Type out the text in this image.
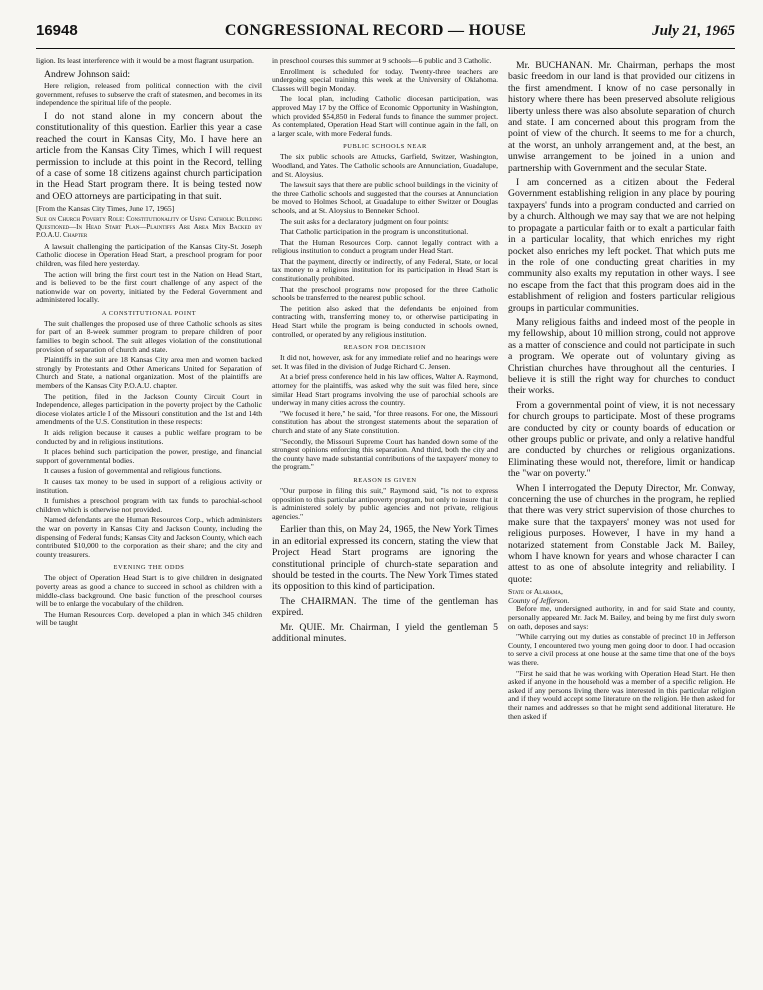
16948	CONGRESSIONAL RECORD — HOUSE	July 21, 1965

ligion. Its least interference with it would be a most flagrant usurpation.

Andrew Johnson said:

Here religion, released from political connection with the civil government, refuses to subserve the craft of statesmen, and becomes in its independence the spiritual life of the people.

I do not stand alone in my concern about the constitutionality of this question. Earlier this year a case reached the court in Kansas City, Mo. I have here an article from the Kansas City Times, which I will request permission to include at this point in the Record, telling of a case of some 18 citizens against church participation in the Head Start program there. It is being tested now and OEO attorneys are participating in that suit.

[From the Kansas City Times, June 17, 1965]

Sue on Church Poverty Role: Constitutionality of Using Catholic Building Questioned—In Head Start Plan—Plaintiffs Are Area Men Backed by P.O.A.U. Chapter

A lawsuit challenging the participation of the Kansas City-St. Joseph Catholic diocese in Operation Head Start, a preschool program for poor children, was filed here yesterday.

The action will bring the first court test in the Nation on Head Start, and is believed to be the first court challenge of any aspect of the nationwide war on poverty, initiated by the Federal Government and administered locally.

A CONSTITUTIONAL POINT

The suit challenges the proposed use of three Catholic schools as sites for part of an 8-week summer program to prepare children of poor families to begin school. The suit alleges violation of the constitutional provision of separation of church and state.

Plaintiffs in the suit are 18 Kansas City area men and women backed strongly by Protestants and Other Americans United for Separation of Church and State, a national organization. Most of the plaintiffs are members of the Kansas City P.O.A.U. chapter.

The petition, filed in the Jackson County Circuit Court in Independence, alleges participation in the poverty project by the Catholic diocese violates article I of the Missouri constitution and the 1st and 14th amendments of the U.S. Constitution in these respects:

It aids religion because it causes a public welfare program to be conducted by and in religious institutions.

It places behind such participation the power, prestige, and financial support of governmental bodies.

It causes a fusion of governmental and religious functions.

It causes tax money to be used in support of a religious activity or institution.

It furnishes a preschool program with tax funds to parochial-school children which is otherwise not provided.

Named defendants are the Human Resources Corp., which administers the war on poverty in Kansas City and Jackson County, including the dispensing of Federal funds; Kansas City and Jackson County, which each contributed $10,000 to the corporation as their share; and the city and county treasurers.

EVENING THE ODDS

The object of Operation Head Start is to give children in designated poverty areas as good a chance to succeed in school as children with a middle-class background. One basic function of the preschool courses will be to enlarge the vocabulary of the children.

The Human Resources Corp. developed a plan in which 345 children will be taught

in preschool courses this summer at 9 schools—6 public and 3 Catholic.

Enrollment is scheduled for today. Twenty-three teachers are undergoing special training this week at the University of Oklahoma. Classes will begin Monday.

The local plan, including Catholic diocesan participation, was approved May 17 by the Office of Economic Opportunity in Washington, which provided $54,850 in Federal funds to finance the summer project. As contemplated, Operation Head Start will continue again in the fall, on a larger scale, with more Federal funds.

PUBLIC SCHOOLS NEAR

The six public schools are Attucks, Garfield, Switzer, Washington, Woodland, and Yates. The Catholic schools are Annunciation, Guadalupe, and St. Aloysius.

The lawsuit says that there are public school buildings in the vicinity of the three Catholic schools and suggested that the courses at Annunciation be moved to Holmes School, at Guadalupe to either Switzer or Douglas schools, and at St. Aloysius to Benneker School.

The suit asks for a declaratory judgment on four points:

That Catholic participation in the program is unconstitutional.

That the Human Resources Corp. cannot legally contract with a religious institution to conduct a program under Head Start.

That the payment, directly or indirectly, of any Federal, State, or local tax money to a religious institution for its participation in Head Start is constitutionally prohibited.

That the preschool programs now proposed for the three Catholic schools be transferred to the nearest public school.

The petition also asked that the defendants be enjoined from contracting with, transferring money to, or otherwise participating in Head Start while the program is being conducted in schools owned, controlled, or operated by any religious institution.

REASON FOR DECISION

It did not, however, ask for any immediate relief and no hearings were set. It was filed in the division of Judge Richard C. Jensen.

At a brief press conference held in his law offices, Walter A. Raymond, attorney for the plaintiffs, was asked why the suit was filed here, since similar Head Start programs involving the use of parochial schools are underway in many cities across the country.

"We focused it here," he said, "for three reasons. For one, the Missouri constitution has about the strongest statements about the separation of church and state of any State constitution.

"Secondly, the Missouri Supreme Court has handed down some of the strongest opinions enforcing this separation. And third, both the city and the county have made substantial contributions of the taxpayers' money to the program."

REASON IS GIVEN

"Our purpose in filing this suit," Raymond said, "is not to express opposition to this particular antipoverty program, but only to insure that it is administered solely by public agencies and not private, religious agencies."

Earlier than this, on May 24, 1965, the New York Times in an editorial expressed its concern, stating the view that Project Head Start programs are ignoring the constitutional principle of church-state separation and should be tested in the courts. The New York Times stated its opposition to this kind of participation.

The CHAIRMAN. The time of the gentleman has expired.

Mr. QUIE. Mr. Chairman, I yield the gentleman 5 additional minutes.

Mr. BUCHANAN. Mr. Chairman, perhaps the most basic freedom in our land is that provided our citizens in the first amendment. I know of no case personally in history where there has been preserved absolute religious liberty unless there was also absolute separation of church and state. I am concerned about this program from the point of view of the church. It seems to me for a church, at the worst, an unholy arrangement and, at the best, an unwise arrangement to be joined in a union and partnership with Government and the secular State.

I am concerned as a citizen about the Federal Government establishing religion in any place by pouring taxpayers' funds into a program conducted and carried on by a church. Although we may say that we are not helping to propagate a particular faith or to exalt a particular faith in a particular locality, that which enriches my right pocket also enriches my left pocket. That which puts me in the role of one conducting great charities in my community also exalts my reputation in other ways. I see no escape from the fact that this program does aid in the establishment of religion and fosters particular religious groups in particular communities.

Many religious faiths and indeed most of the people in my fellowship, about 10 million strong, could not approve as a matter of conscience and could not participate in such a program. We operate out of voluntary giving as Christian churches have throughout all the centuries. I believe it is still the right way for churches to conduct their works.

From a governmental point of view, it is not necessary for church groups to participate. Most of these programs are conducted by city or county boards of education or other groups public or private, and only a relative handful are conducted by churches or religious organizations. Eliminating these would not, therefore, limit or handicap the "war on poverty."

When I interrogated the Deputy Director, Mr. Conway, concerning the use of churches in the program, he replied that there was very strict supervision of those churches to make sure that the taxpayers' money was not used for religious purposes. However, I have in my hand a notarized statement from Constable Jack M. Bailey, whom I have known for years and whose character I can attest to as one of absolute integrity and reliability. I quote:

State of Alabama,
County of Jefferson.

Before me, undersigned authority, in and for said State and county, personally appeared Mr. Jack M. Bailey, and being by me first duly sworn on oath, deposes and says:

"While carrying out my duties as constable of precinct 10 in Jefferson County, I encountered two young men going door to door. I had occasion to serve a civil process at one house at the same time that one of the boys was there.

"First he said that he was working with Operation Head Start. He then asked if anyone in the household was a member of a specific religion. He asked if any persons living there was interested in this particular religion and if they would accept some literature on the religion. He then asked for their names and addresses so that he might send additional literature. He then asked if
